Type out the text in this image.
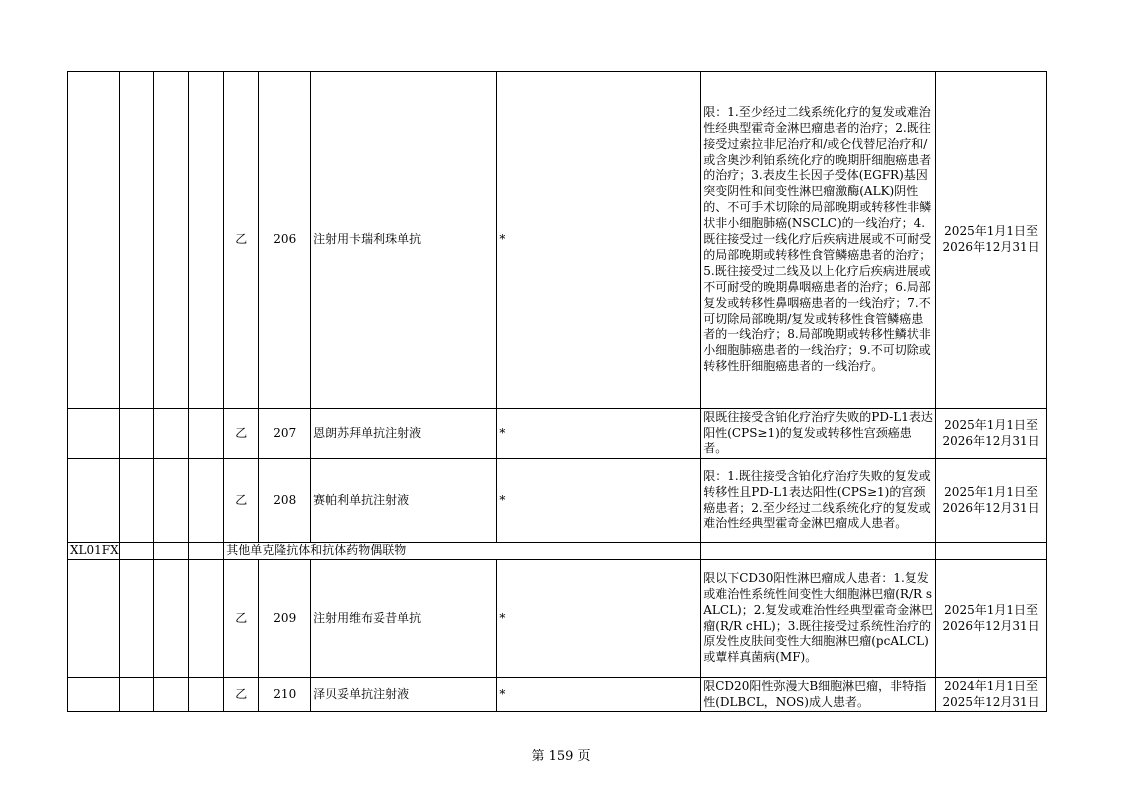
				乙	206	注射用卡瑞利珠单抗	*	限：1.至少经过二线系统化疗的复发或难治性经典型霍奇金淋巴瘤患者的治疗；2.既往接受过索拉非尼治疗和/或仑伐替尼治疗和/或含奥沙利铂系统化疗的晚期肝细胞癌患者的治疗；3.表皮生长因子受体(EGFR)基因突变阴性和间变性淋巴瘤激酶(ALK)阴性的、不可手术切除的局部晚期或转移性非鳞状非小细胞肺癌(NSCLC)的一线治疗；4.既往接受过一线化疗后疾病进展或不可耐受的局部晚期或转移性食管鳞癌患者的治疗；5.既往接受过二线及以上化疗后疾病进展或不可耐受的晚期鼻咽癌患者的治疗；6.局部复发或转移性鼻咽癌患者的一线治疗；7.不可切除局部晚期/复发或转移性食管鳞癌患者的一线治疗；8.局部晚期或转移性鳞状非小细胞肺癌患者的一线治疗；9.不可切除或转移性肝细胞癌患者的一线治疗。	2025年1月1日至
2026年12月31日

				乙	207	恩朗苏拜单抗注射液	*	限既往接受含铂化疗治疗失败的PD-L1表达阳性(CPS≥1)的复发或转移性宫颈癌患者。	2025年1月1日至
2026年12月31日

				乙	208	赛帕利单抗注射液	*	限：1.既往接受含铂化疗治疗失败的复发或转移性且PD-L1表达阳性(CPS≥1)的宫颈癌患者；2.至少经过二线系统化疗的复发或难治性经典型霍奇金淋巴瘤成人患者。	2025年1月1日至
2026年12月31日

XL01FX				其他单克隆抗体和抗体药物偶联物					
				乙	209	注射用维布妥昔单抗	*	限以下CD30阳性淋巴瘤成人患者：1.复发或难治性系统性间变性大细胞淋巴瘤(R/R sALCL)；2.复发或难治性经典型霍奇金淋巴瘤(R/R cHL)；3.既往接受过系统性治疗的原发性皮肤间变性大细胞淋巴瘤(pcALCL)或蕈样真菌病(MF)。	2025年1月1日至
2026年12月31日

				乙	210	泽贝妥单抗注射液	*	限CD20阳性弥漫大B细胞淋巴瘤，非特指性(DLBCL，NOS)成人患者。	2024年1月1日至
2025年12月31日
第 159 页
